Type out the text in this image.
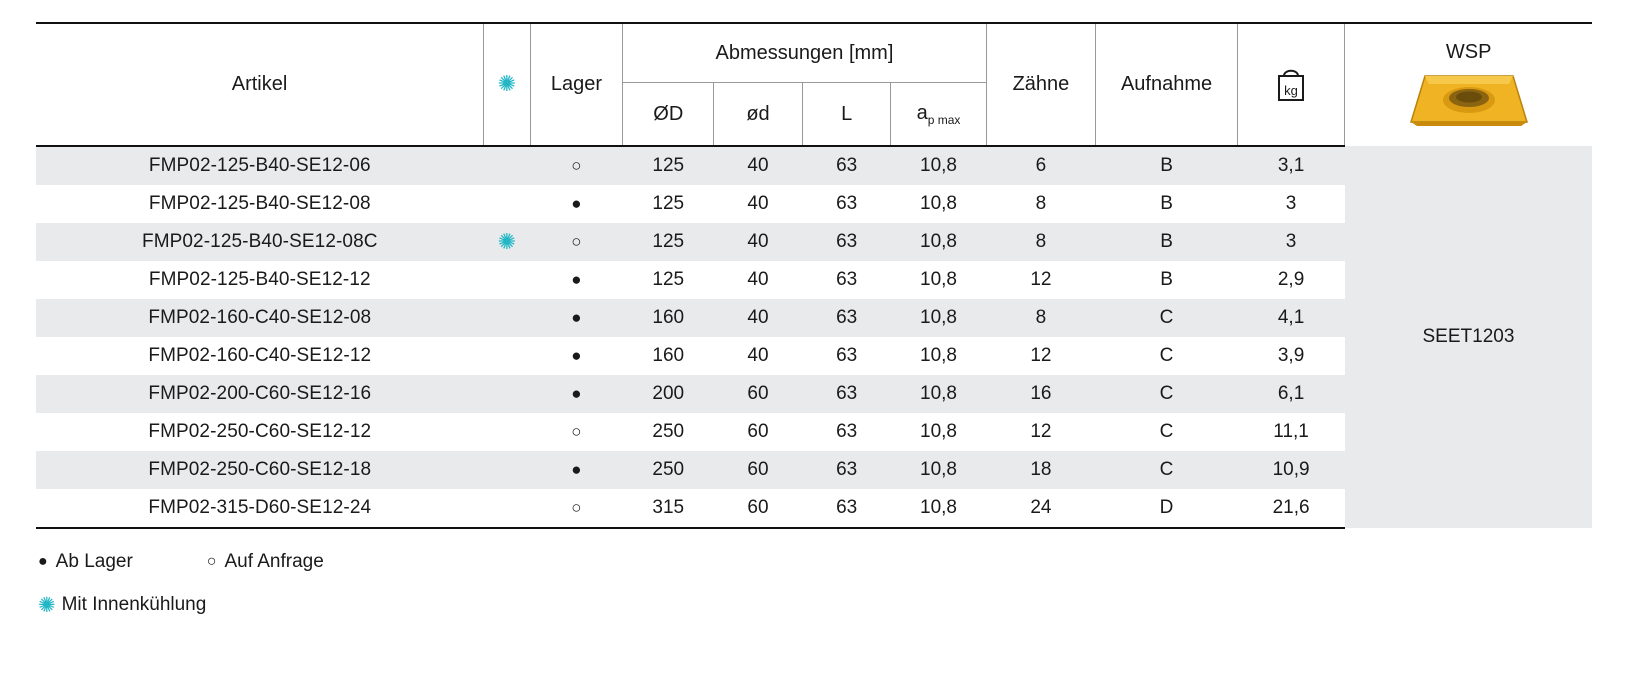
Artikel	✺	Lager	Abmessungen [mm]				Zähne	Aufnahme	kg	WSP

			ØD	ød	L	$a_{p max}$
FMP02-125-B40-SE12-06		○	125	40	63	10,8	6	B	3,1	SEET1203
FMP02-125-B40-SE12-08		●	125	40	63	10,8	8	B	3	
FMP02-125-B40-SE12-08C	✺	○	125	40	63	10,8	8	B	3	
FMP02-125-B40-SE12-12		●	125	40	63	10,8	12	B	2,9	
FMP02-160-C40-SE12-08		●	160	40	63	10,8	8	C	4,1	
FMP02-160-C40-SE12-12		●	160	40	63	10,8	12	C	3,9	
FMP02-200-C60-SE12-16		●	200	60	63	10,8	16	C	6,1	
FMP02-250-C60-SE12-12		○	250	60	63	10,8	12	C	11,1	
FMP02-250-C60-SE12-18		●	250	60	63	10,8	18	C	10,9	
FMP02-315-D60-SE12-24		○	315	60	63	10,8	24	D	21,6	
●
Ab Lager ○	Auf Anfrage
✺ Mit Innenkühlung
